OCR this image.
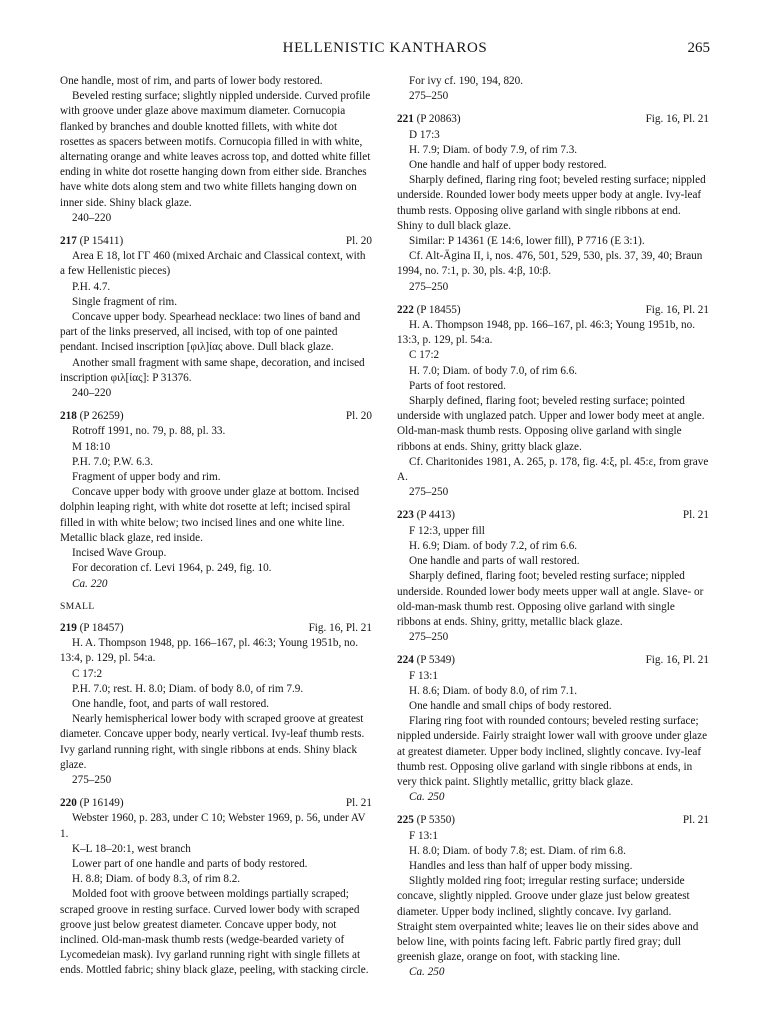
HELLENISTIC KANTHAROS	265

One handle, most of rim, and parts of lower body restored.

Beveled resting surface; slightly nippled underside. Curved profile with groove under glaze above maximum diameter. Cornucopia flanked by branches and double knotted fillets, with white dot rosettes as spacers between motifs. Cornucopia filled in with white, alternating orange and white leaves across top, and dotted white fillet ending in white dot rosette hanging down from either side. Branches have white dots along stem and two white fillets hanging down on inner side. Shiny black glaze.

240–220

217 (P 15411)	Pl. 20

Area E 18, lot ΓΓ 460 (mixed Archaic and Classical context, with a few Hellenistic pieces)

P.H. 4.7.

Single fragment of rim.

Concave upper body. Spearhead necklace: two lines of band and part of the links preserved, all incised, with top of one painted pendant. Incised inscription [φιλ]ίας above. Dull black glaze.

Another small fragment with same shape, decoration, and incised inscription φιλ[ίας]: P 31376.

240–220

218 (P 26259)	Pl. 20

Rotroff 1991, no. 79, p. 88, pl. 33.

M 18:10

P.H. 7.0; P.W. 6.3.

Fragment of upper body and rim.

Concave upper body with groove under glaze at bottom. Incised dolphin leaping right, with white dot rosette at left; incised spiral filled in with white below; two incised lines and one white line. Metallic black glaze, red inside.

Incised Wave Group.

For decoration cf. Levi 1964, p. 249, fig. 10.

Ca. 220

SMALL
219 (P 18457)	Fig. 16, Pl. 21

H. A. Thompson 1948, pp. 166–167, pl. 46:3; Young 1951b, no. 13:4, p. 129, pl. 54:a.

C 17:2

P.H. 7.0; rest. H. 8.0; Diam. of body 8.0, of rim 7.9.

One handle, foot, and parts of wall restored.

Nearly hemispherical lower body with scraped groove at greatest diameter. Concave upper body, nearly vertical. Ivy-leaf thumb rests. Ivy garland running right, with single ribbons at ends. Shiny black glaze.

275–250

220 (P 16149)	Pl. 21

Webster 1960, p. 283, under C 10; Webster 1969, p. 56, under AV 1.

K–L 18–20:1, west branch

Lower part of one handle and parts of body restored.

H. 8.8; Diam. of body 8.3, of rim 8.2.

Molded foot with groove between moldings partially scraped; scraped groove in resting surface. Curved lower body with scraped groove just below greatest diameter. Concave upper body, not inclined. Old-man-mask thumb rests (wedge-bearded variety of Lycomedeian mask). Ivy garland running right with single fillets at ends. Mottled fabric; shiny black glaze, peeling, with stacking circle.

For ivy cf. 190, 194, 820.

275–250

221 (P 20863)	Fig. 16, Pl. 21

D 17:3

H. 7.9; Diam. of body 7.9, of rim 7.3.

One handle and half of upper body restored.

Sharply defined, flaring ring foot; beveled resting surface; nippled underside. Rounded lower body meets upper body at angle. Ivy-leaf thumb rests. Opposing olive garland with single ribbons at end. Shiny to dull black glaze.

Similar: P 14361 (E 14:6, lower fill), P 7716 (E 3:1).

Cf. Alt-Ägina II, i, nos. 476, 501, 529, 530, pls. 37, 39, 40; Braun 1994, no. 7:1, p. 30, pls. 4:β, 10:β.

275–250

222 (P 18455)	Fig. 16, Pl. 21

H. A. Thompson 1948, pp. 166–167, pl. 46:3; Young 1951b, no. 13:3, p. 129, pl. 54:a.

C 17:2

H. 7.0; Diam. of body 7.0, of rim 6.6.

Parts of foot restored.

Sharply defined, flaring foot; beveled resting surface; pointed underside with unglazed patch. Upper and lower body meet at angle. Old-man-mask thumb rests. Opposing olive garland with single ribbons at ends. Shiny, gritty black glaze.

Cf. Charitonides 1981, A. 265, p. 178, fig. 4:ξ, pl. 45:ε, from grave A.

275–250

223 (P 4413)	Pl. 21

F 12:3, upper fill

H. 6.9; Diam. of body 7.2, of rim 6.6.

One handle and parts of wall restored.

Sharply defined, flaring foot; beveled resting surface; nippled underside. Rounded lower body meets upper wall at angle. Slave- or old-man-mask thumb rest. Opposing olive garland with single ribbons at ends. Shiny, gritty, metallic black glaze.

275–250

224 (P 5349)	Fig. 16, Pl. 21

F 13:1

H. 8.6; Diam. of body 8.0, of rim 7.1.

One handle and small chips of body restored.

Flaring ring foot with rounded contours; beveled resting surface; nippled underside. Fairly straight lower wall with groove under glaze at greatest diameter. Upper body inclined, slightly concave. Ivy-leaf thumb rest. Opposing olive garland with single ribbons at ends, in very thick paint. Slightly metallic, gritty black glaze.

Ca. 250

225 (P 5350)	Pl. 21

F 13:1

H. 8.0; Diam. of body 7.8; est. Diam. of rim 6.8.

Handles and less than half of upper body missing.

Slightly molded ring foot; irregular resting surface; underside concave, slightly nippled. Groove under glaze just below greatest diameter. Upper body inclined, slightly concave. Ivy garland. Straight stem overpainted white; leaves lie on their sides above and below line, with points facing left. Fabric partly fired gray; dull greenish glaze, orange on foot, with stacking line.

Ca. 250
